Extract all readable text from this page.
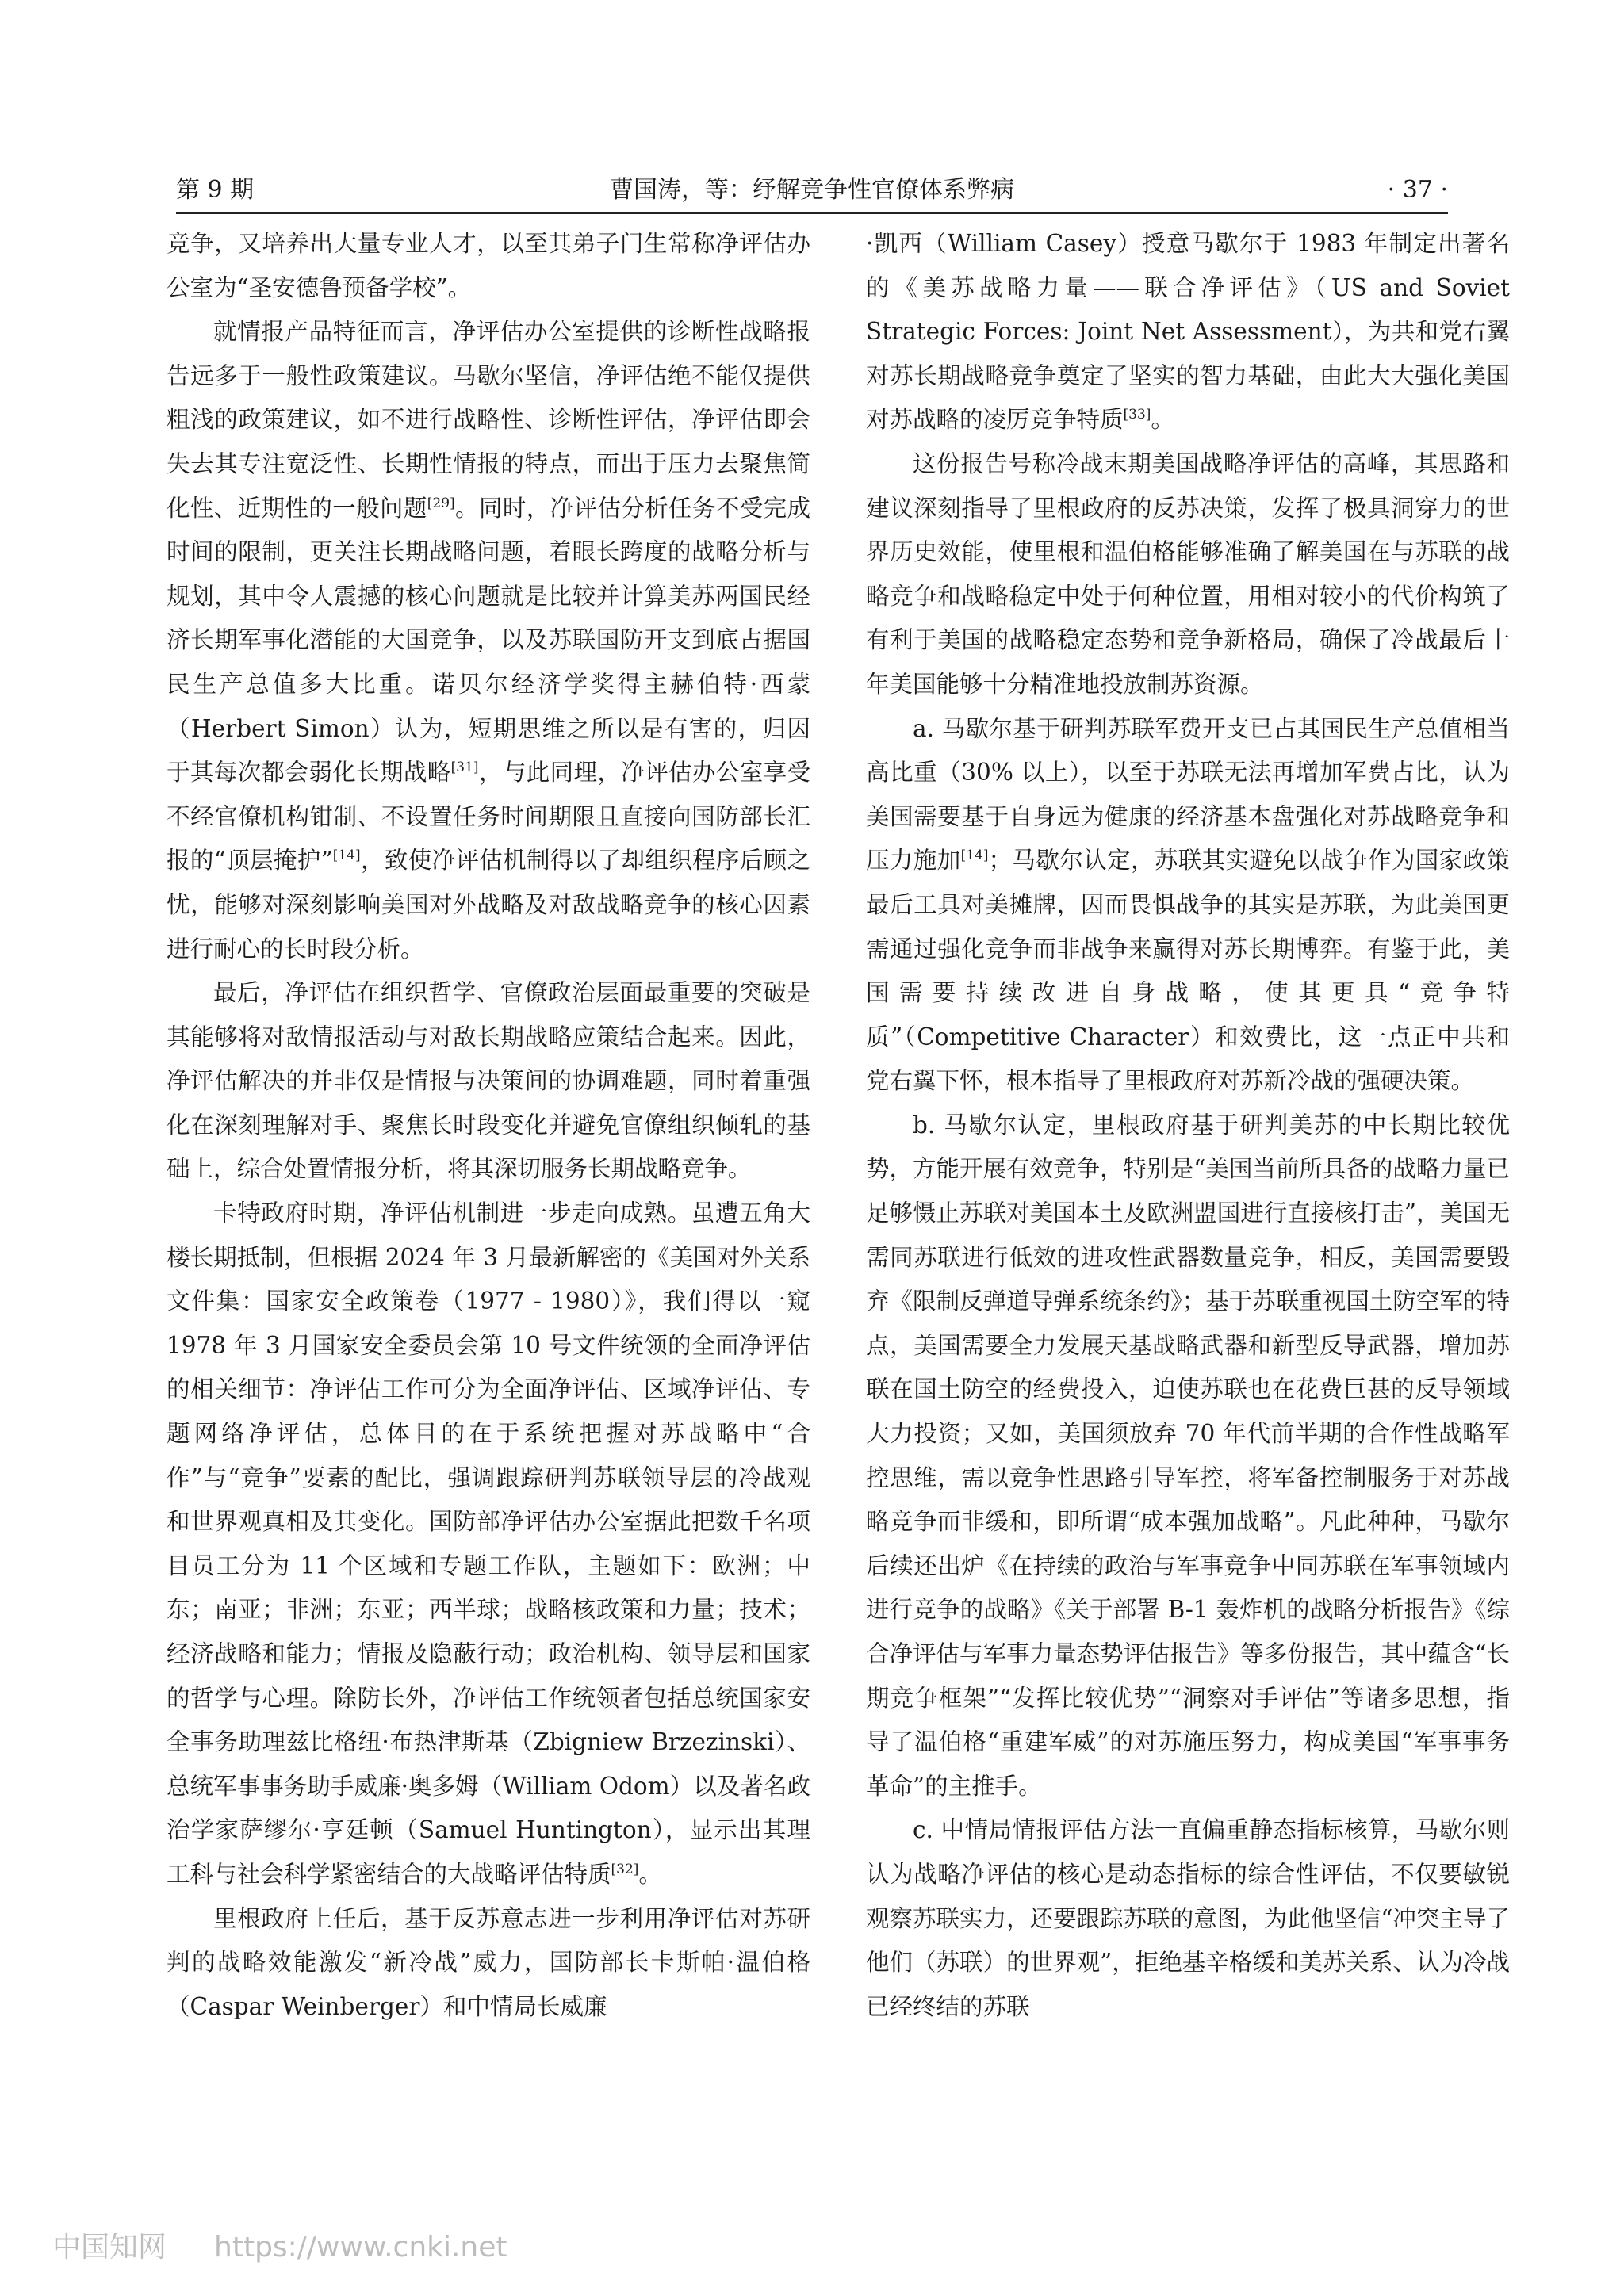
第 9 期	曹国涛，等：纾解竞争性官僚体系弊病	· 37 ·

竞争，又培养出大量专业人才，以至其弟子门生常称净评估办公室为“圣安德鲁预备学校”。

就情报产品特征而言，净评估办公室提供的诊断性战略报告远多于一般性政策建议。马歇尔坚信，净评估绝不能仅提供粗浅的政策建议，如不进行战略性、诊断性评估，净评估即会失去其专注宽泛性、长期性情报的特点，而出于压力去聚焦简化性、近期性的一般问题[29]。同时，净评估分析任务不受完成时间的限制，更关注长期战略问题，着眼长跨度的战略分析与规划，其中令人震撼的核心问题就是比较并计算美苏两国民经济长期军事化潜能的大国竞争，以及苏联国防开支到底占据国民生产总值多大比重。诺贝尔经济学奖得主赫伯特·西蒙（Herbert Simon）认为，短期思维之所以是有害的，归因于其每次都会弱化长期战略[31]，与此同理，净评估办公室享受不经官僚机构钳制、不设置任务时间期限且直接向国防部长汇报的“顶层掩护”[14]，致使净评估机制得以了却组织程序后顾之忧，能够对深刻影响美国对外战略及对敌战略竞争的核心因素进行耐心的长时段分析。

最后，净评估在组织哲学、官僚政治层面最重要的突破是其能够将对敌情报活动与对敌长期战略应策结合起来。因此，净评估解决的并非仅是情报与决策间的协调难题，同时着重强化在深刻理解对手、聚焦长时段变化并避免官僚组织倾轧的基础上，综合处置情报分析，将其深切服务长期战略竞争。

卡特政府时期，净评估机制进一步走向成熟。虽遭五角大楼长期抵制，但根据 2024 年 3 月最新解密的《美国对外关系文件集：国家安全政策卷（1977 - 1980）》，我们得以一窥 1978 年 3 月国家安全委员会第 10 号文件统领的全面净评估的相关细节：净评估工作可分为全面净评估、区域净评估、专题网络净评估，总体目的在于系统把握对苏战略中“合作”与“竞争”要素的配比，强调跟踪研判苏联领导层的冷战观和世界观真相及其变化。国防部净评估办公室据此把数千名项目员工分为 11 个区域和专题工作队，主题如下：欧洲；中东；南亚；非洲；东亚；西半球；战略核政策和力量；技术；经济战略和能力；情报及隐蔽行动；政治机构、领导层和国家的哲学与心理。除防长外，净评估工作统领者包括总统国家安全事务助理兹比格纽·布热津斯基（Zbigniew Brzezinski）、总统军事事务助手威廉·奥多姆（William Odom）以及著名政治学家萨缪尔·亨廷顿（Samuel Huntington），显示出其理工科与社会科学紧密结合的大战略评估特质[32]。

里根政府上任后，基于反苏意志进一步利用净评估对苏研判的战略效能激发“新冷战”威力，国防部长卡斯帕·温伯格（Caspar Weinberger）和中情局长威廉

·凯西（William Casey）授意马歇尔于 1983 年制定出著名的《美苏战略力量——联合净评估》（US and Soviet Strategic Forces: Joint Net Assessment），为共和党右翼对苏长期战略竞争奠定了坚实的智力基础，由此大大强化美国对苏战略的凌厉竞争特质[33]。

这份报告号称冷战末期美国战略净评估的高峰，其思路和建议深刻指导了里根政府的反苏决策，发挥了极具洞穿力的世界历史效能，使里根和温伯格能够准确了解美国在与苏联的战略竞争和战略稳定中处于何种位置，用相对较小的代价构筑了有利于美国的战略稳定态势和竞争新格局，确保了冷战最后十年美国能够十分精准地投放制苏资源。

a. 马歇尔基于研判苏联军费开支已占其国民生产总值相当高比重（30% 以上），以至于苏联无法再增加军费占比，认为美国需要基于自身远为健康的经济基本盘强化对苏战略竞争和压力施加[14]；马歇尔认定，苏联其实避免以战争作为国家政策最后工具对美摊牌，因而畏惧战争的其实是苏联，为此美国更需通过强化竞争而非战争来赢得对苏长期博弈。有鉴于此，美国需要持续改进自身战略，使其更具“竞争特质”（Competitive Character）和效费比，这一点正中共和党右翼下怀，根本指导了里根政府对苏新冷战的强硬决策。

b. 马歇尔认定，里根政府基于研判美苏的中长期比较优势，方能开展有效竞争，特别是“美国当前所具备的战略力量已足够慑止苏联对美国本土及欧洲盟国进行直接核打击”，美国无需同苏联进行低效的进攻性武器数量竞争，相反，美国需要毁弃《限制反弹道导弹系统条约》；基于苏联重视国土防空军的特点，美国需要全力发展天基战略武器和新型反导武器，增加苏联在国土防空的经费投入，迫使苏联也在花费巨甚的反导领域大力投资；又如，美国须放弃 70 年代前半期的合作性战略军控思维，需以竞争性思路引导军控，将军备控制服务于对苏战略竞争而非缓和，即所谓“成本强加战略”。凡此种种，马歇尔后续还出炉《在持续的政治与军事竞争中同苏联在军事领域内进行竞争的战略》《关于部署 B-1 轰炸机的战略分析报告》《综合净评估与军事力量态势评估报告》等多份报告，其中蕴含“长期竞争框架”“发挥比较优势”“洞察对手评估”等诸多思想，指导了温伯格“重建军威”的对苏施压努力，构成美国“军事事务革命”的主推手。

c. 中情局情报评估方法一直偏重静态指标核算，马歇尔则认为战略净评估的核心是动态指标的综合性评估，不仅要敏锐观察苏联实力，还要跟踪苏联的意图，为此他坚信“冲突主导了他们（苏联）的世界观”，拒绝基辛格缓和美苏关系、认为冷战已经终结的苏联

中国知网 https://www.cnki.net
